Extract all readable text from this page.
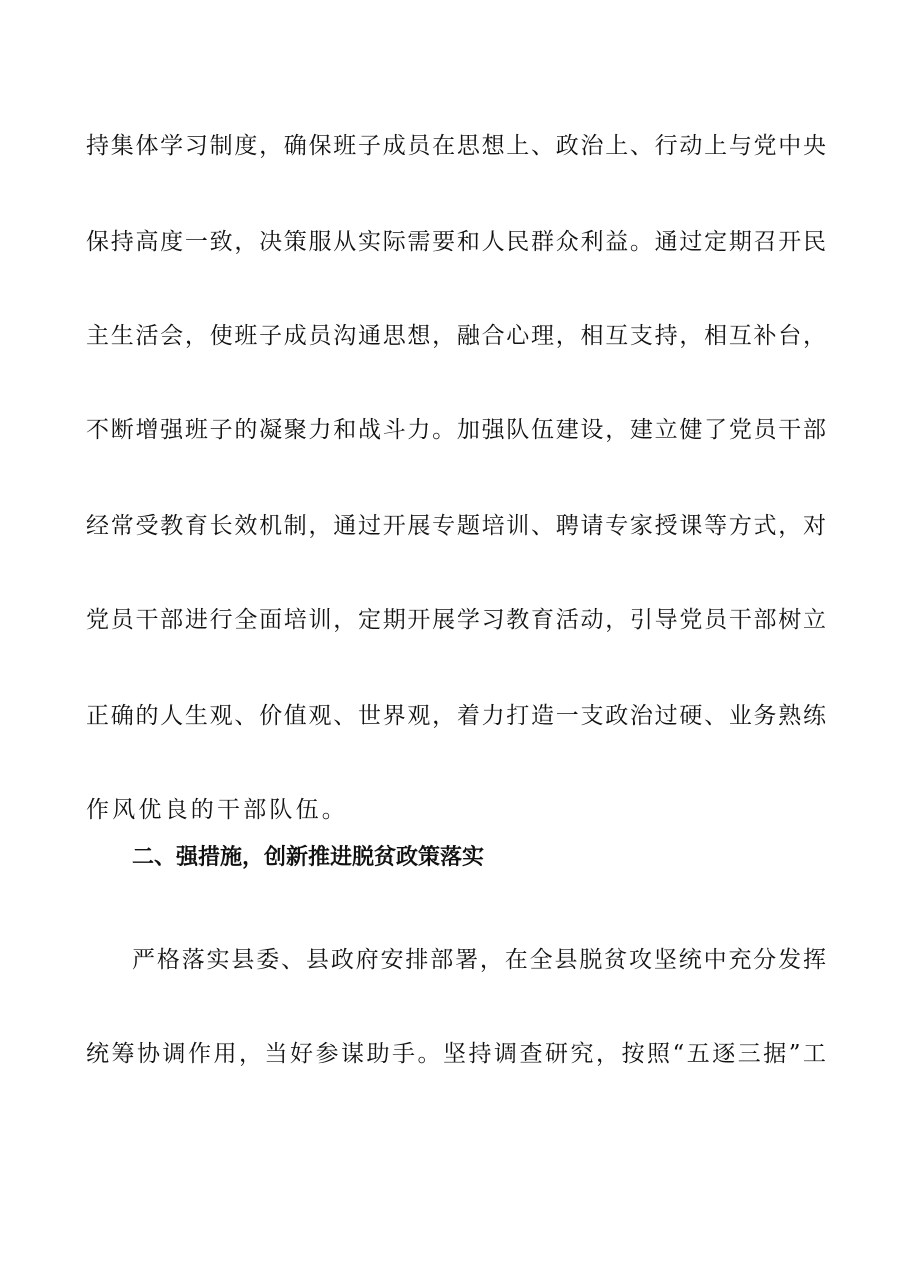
持集体学习制度，确保班子成员在思想上、政治上、行动上与党中央
保持高度一致，决策服从实际需要和人民群众利益。通过定期召开民
主生活会，使班子成员沟通思想，融合心理，相互支持，相互补台，
不断增强班子的凝聚力和战斗力。加强队伍建设，建立健了党员干部
经常受教育长效机制，通过开展专题培训、聘请专家授课等方式，对
党员干部进行全面培训，定期开展学习教育活动，引导党员干部树立
正确的人生观、价值观、世界观，着力打造一支政治过硬、业务熟练
作风优良的干部队伍。
二、强措施，创新推进脱贫政策落实
严格落实县委、县政府安排部署，在全县脱贫攻坚统中充分发挥
统筹协调作用，当好参谋助手。坚持调查研究，按照“五逐三据”工
